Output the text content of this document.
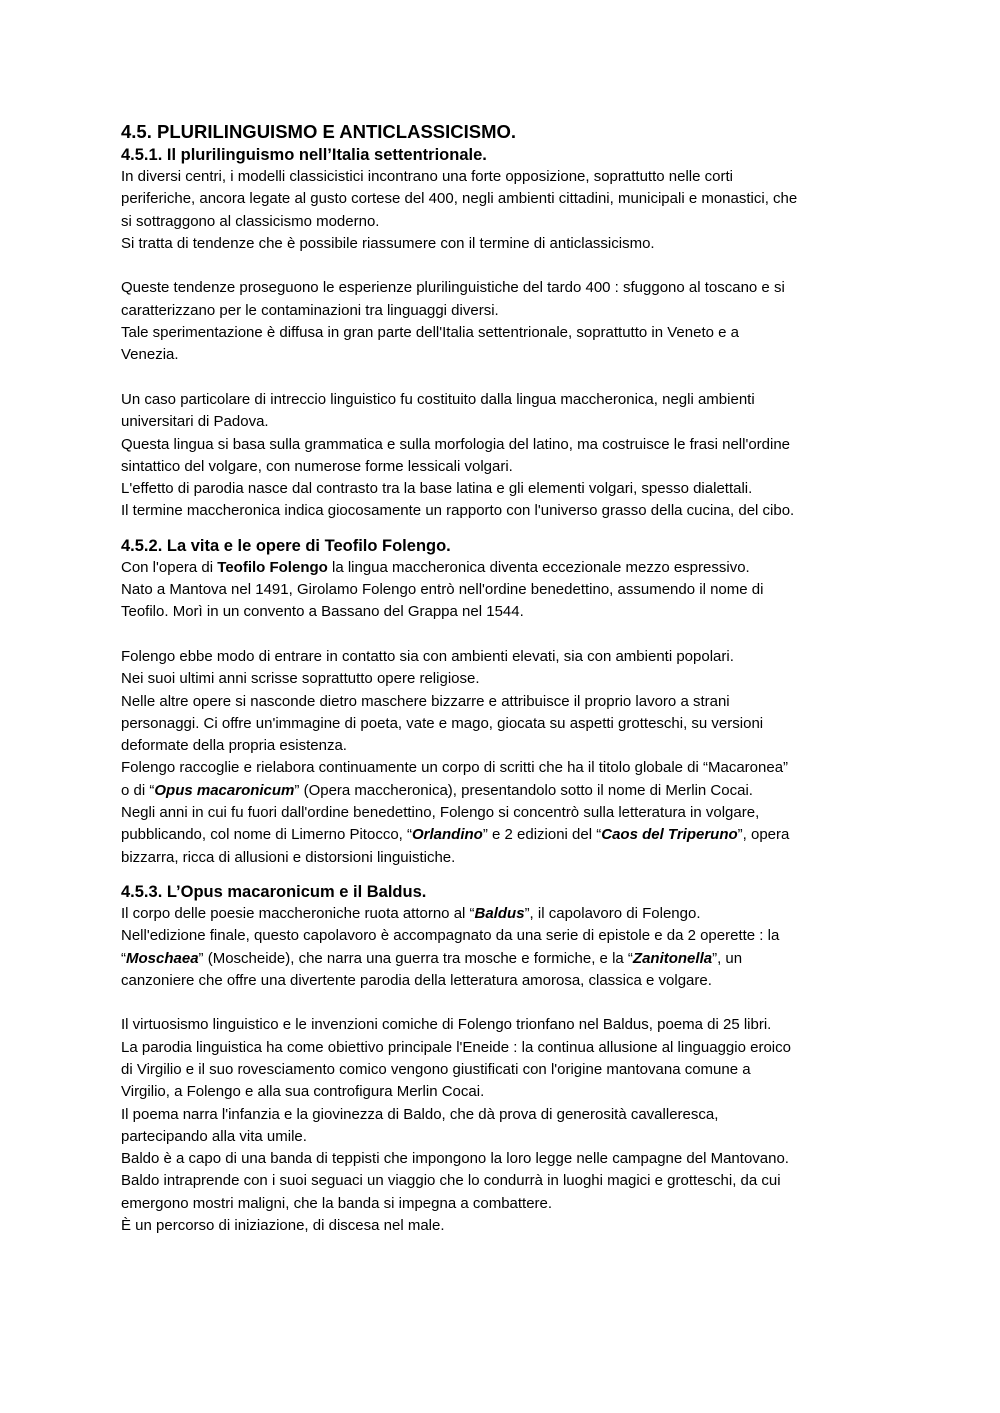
4.5. PLURILINGUISMO E ANTICLASSICISMO.
4.5.1. Il plurilinguismo nell’Italia settentrionale.
In diversi centri, i modelli classicistici incontrano una forte opposizione, soprattutto nelle corti
periferiche, ancora legate al gusto cortese del 400, negli ambienti cittadini, municipali e monastici, che
si sottraggono al classicismo moderno.
Si tratta di tendenze che è possibile riassumere con il termine di anticlassicismo.
Queste tendenze proseguono le esperienze plurilinguistiche del tardo 400 : sfuggono al toscano e si
caratterizzano per le contaminazioni tra linguaggi diversi.
Tale sperimentazione è diffusa in gran parte dell'Italia settentrionale, soprattutto in Veneto e a
Venezia.
Un caso particolare di intreccio linguistico fu costituito dalla lingua maccheronica, negli ambienti
universitari di Padova.
Questa lingua si basa sulla grammatica e sulla morfologia del latino, ma costruisce le frasi nell'ordine
sintattico del volgare, con numerose forme lessicali volgari.
L'effetto di parodia nasce dal contrasto tra la base latina e gli elementi volgari, spesso dialettali.
Il termine maccheronica indica giocosamente un rapporto con l'universo grasso della cucina, del cibo.
4.5.2. La vita e le opere di Teofilo Folengo.
Con l'opera di Teofilo Folengo la lingua maccheronica diventa eccezionale mezzo espressivo.
Nato a Mantova nel 1491, Girolamo Folengo entrò nell'ordine benedettino, assumendo il nome di
Teofilo. Morì in un convento a Bassano del Grappa nel 1544.
Folengo ebbe modo di entrare in contatto sia con ambienti elevati, sia con ambienti popolari.
Nei suoi ultimi anni scrisse soprattutto opere religiose.
Nelle altre opere si nasconde dietro maschere bizzarre e attribuisce il proprio lavoro a strani
personaggi. Ci offre un'immagine di poeta, vate e mago, giocata su aspetti grotteschi, su versioni
deformate della propria esistenza.
Folengo raccoglie e rielabora continuamente un corpo di scritti che ha il titolo globale di “Macaronea”
o di “Opus macaronicum” (Opera maccheronica), presentandolo sotto il nome di Merlin Cocai.
Negli anni in cui fu fuori dall'ordine benedettino, Folengo si concentrò sulla letteratura in volgare,
pubblicando, col nome di Limerno Pitocco, “Orlandino” e 2 edizioni del “Caos del Triperuno”, opera
bizzarra, ricca di allusioni e distorsioni linguistiche.
4.5.3. L’Opus macaronicum e il Baldus.
Il corpo delle poesie maccheroniche ruota attorno al “Baldus”, il capolavoro di Folengo.
Nell'edizione finale, questo capolavoro è accompagnato da una serie di epistole e da 2 operette : la
“Moschaea” (Moscheide), che narra una guerra tra mosche e formiche, e la “Zanitonella”, un
canzoniere che offre una divertente parodia della letteratura amorosa, classica e volgare.
Il virtuosismo linguistico e le invenzioni comiche di Folengo trionfano nel Baldus, poema di 25 libri.
La parodia linguistica ha come obiettivo principale l'Eneide : la continua allusione al linguaggio eroico
di Virgilio e il suo rovesciamento comico vengono giustificati con l'origine mantovana comune a
Virgilio, a Folengo e alla sua controfigura Merlin Cocai.
Il poema narra l'infanzia e la giovinezza di Baldo, che dà prova di generosità cavalleresca,
partecipando alla vita umile.
Baldo è a capo di una banda di teppisti che impongono la loro legge nelle campagne del Mantovano.
Baldo intraprende con i suoi seguaci un viaggio che lo condurrà in luoghi magici e grotteschi, da cui
emergono mostri maligni, che la banda si impegna a combattere.
È un percorso di iniziazione, di discesa nel male.
